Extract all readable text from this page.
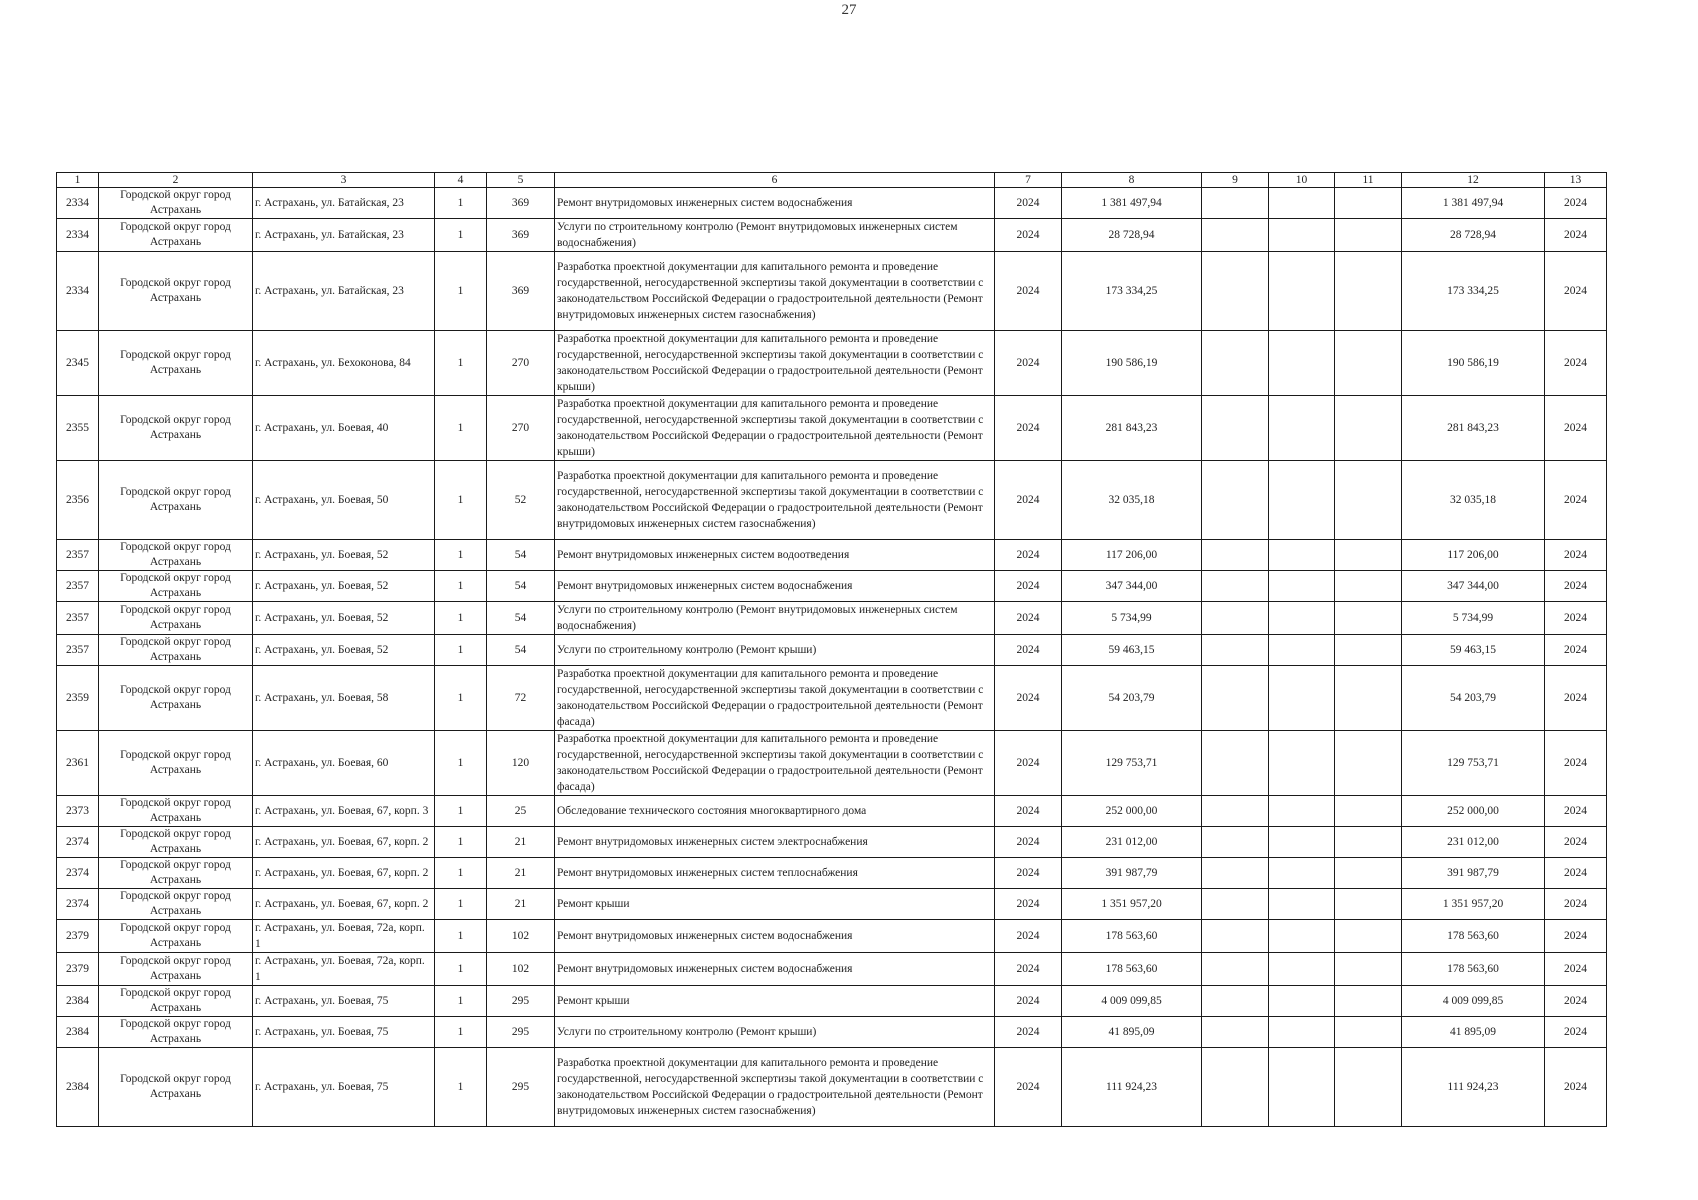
27
1	2	3	4	5	6	7	8	9	10	11	12	13
2334	Городской округ город Астрахань	г. Астрахань, ул. Батайская, 23	1	369	Ремонт внутридомовых инженерных систем водоснабжения	2024	1 381 497,94				1 381 497,94	2024
2334	Городской округ город Астрахань	г. Астрахань, ул. Батайская, 23	1	369	Услуги по строительному контролю (Ремонт внутридомовых инженерных систем водоснабжения)	2024	28 728,94				28 728,94	2024
2334	Городской округ город Астрахань	г. Астрахань, ул. Батайская, 23	1	369	Разработка проектной документации для капитального ремонта и проведение государственной, негосударственной экспертизы такой документации в соответствии с законодательством Российской Федерации о градостроительной деятельности (Ремонт внутридомовых инженерных систем газоснабжения)	2024	173 334,25				173 334,25	2024
2345	Городской округ город Астрахань	г. Астрахань, ул. Бехоконова, 84	1	270	Разработка проектной документации для капитального ремонта и проведение государственной, негосударственной экспертизы такой документации в соответствии с законодательством Российской Федерации о градостроительной деятельности (Ремонт крыши)	2024	190 586,19				190 586,19	2024
2355	Городской округ город Астрахань	г. Астрахань, ул. Боевая, 40	1	270	Разработка проектной документации для капитального ремонта и проведение государственной, негосударственной экспертизы такой документации в соответствии с законодательством Российской Федерации о градостроительной деятельности (Ремонт крыши)	2024	281 843,23				281 843,23	2024
2356	Городской округ город Астрахань	г. Астрахань, ул. Боевая, 50	1	52	Разработка проектной документации для капитального ремонта и проведение государственной, негосударственной экспертизы такой документации в соответствии с законодательством Российской Федерации о градостроительной деятельности (Ремонт внутридомовых инженерных систем газоснабжения)	2024	32 035,18				32 035,18	2024
2357	Городской округ город Астрахань	г. Астрахань, ул. Боевая, 52	1	54	Ремонт внутридомовых инженерных систем водоотведения	2024	117 206,00				117 206,00	2024
2357	Городской округ город Астрахань	г. Астрахань, ул. Боевая, 52	1	54	Ремонт внутридомовых инженерных систем водоснабжения	2024	347 344,00				347 344,00	2024
2357	Городской округ город Астрахань	г. Астрахань, ул. Боевая, 52	1	54	Услуги по строительному контролю (Ремонт внутридомовых инженерных систем водоснабжения)	2024	5 734,99				5 734,99	2024
2357	Городской округ город Астрахань	г. Астрахань, ул. Боевая, 52	1	54	Услуги по строительному контролю (Ремонт крыши)	2024	59 463,15				59 463,15	2024
2359	Городской округ город Астрахань	г. Астрахань, ул. Боевая, 58	1	72	Разработка проектной документации для капитального ремонта и проведение государственной, негосударственной экспертизы такой документации в соответствии с законодательством Российской Федерации о градостроительной деятельности (Ремонт фасада)	2024	54 203,79				54 203,79	2024
2361	Городской округ город Астрахань	г. Астрахань, ул. Боевая, 60	1	120	Разработка проектной документации для капитального ремонта и проведение государственной, негосударственной экспертизы такой документации в соответствии с законодательством Российской Федерации о градостроительной деятельности (Ремонт фасада)	2024	129 753,71				129 753,71	2024
2373	Городской округ город Астрахань	г. Астрахань, ул. Боевая, 67, корп. 3	1	25	Обследование технического состояния многоквартирного дома	2024	252 000,00				252 000,00	2024
2374	Городской округ город Астрахань	г. Астрахань, ул. Боевая, 67, корп. 2	1	21	Ремонт внутридомовых инженерных систем электроснабжения	2024	231 012,00				231 012,00	2024
2374	Городской округ город Астрахань	г. Астрахань, ул. Боевая, 67, корп. 2	1	21	Ремонт внутридомовых инженерных систем теплоснабжения	2024	391 987,79				391 987,79	2024
2374	Городской округ город Астрахань	г. Астрахань, ул. Боевая, 67, корп. 2	1	21	Ремонт крыши	2024	1 351 957,20				1 351 957,20	2024
2379	Городской округ город Астрахань	г. Астрахань, ул. Боевая, 72а, корп. 1	1	102	Ремонт внутридомовых инженерных систем водоснабжения	2024	178 563,60				178 563,60	2024
2379	Городской округ город Астрахань	г. Астрахань, ул. Боевая, 72а, корп. 1	1	102	Ремонт внутридомовых инженерных систем водоснабжения	2024	178 563,60				178 563,60	2024
2384	Городской округ город Астрахань	г. Астрахань, ул. Боевая, 75	1	295	Ремонт крыши	2024	4 009 099,85				4 009 099,85	2024
2384	Городской округ город Астрахань	г. Астрахань, ул. Боевая, 75	1	295	Услуги по строительному контролю (Ремонт крыши)	2024	41 895,09				41 895,09	2024
2384	Городской округ город Астрахань	г. Астрахань, ул. Боевая, 75	1	295	Разработка проектной документации для капитального ремонта и проведение государственной, негосударственной экспертизы такой документации в соответствии с законодательством Российской Федерации о градостроительной деятельности (Ремонт внутридомовых инженерных систем газоснабжения)	2024	111 924,23				111 924,23	2024
